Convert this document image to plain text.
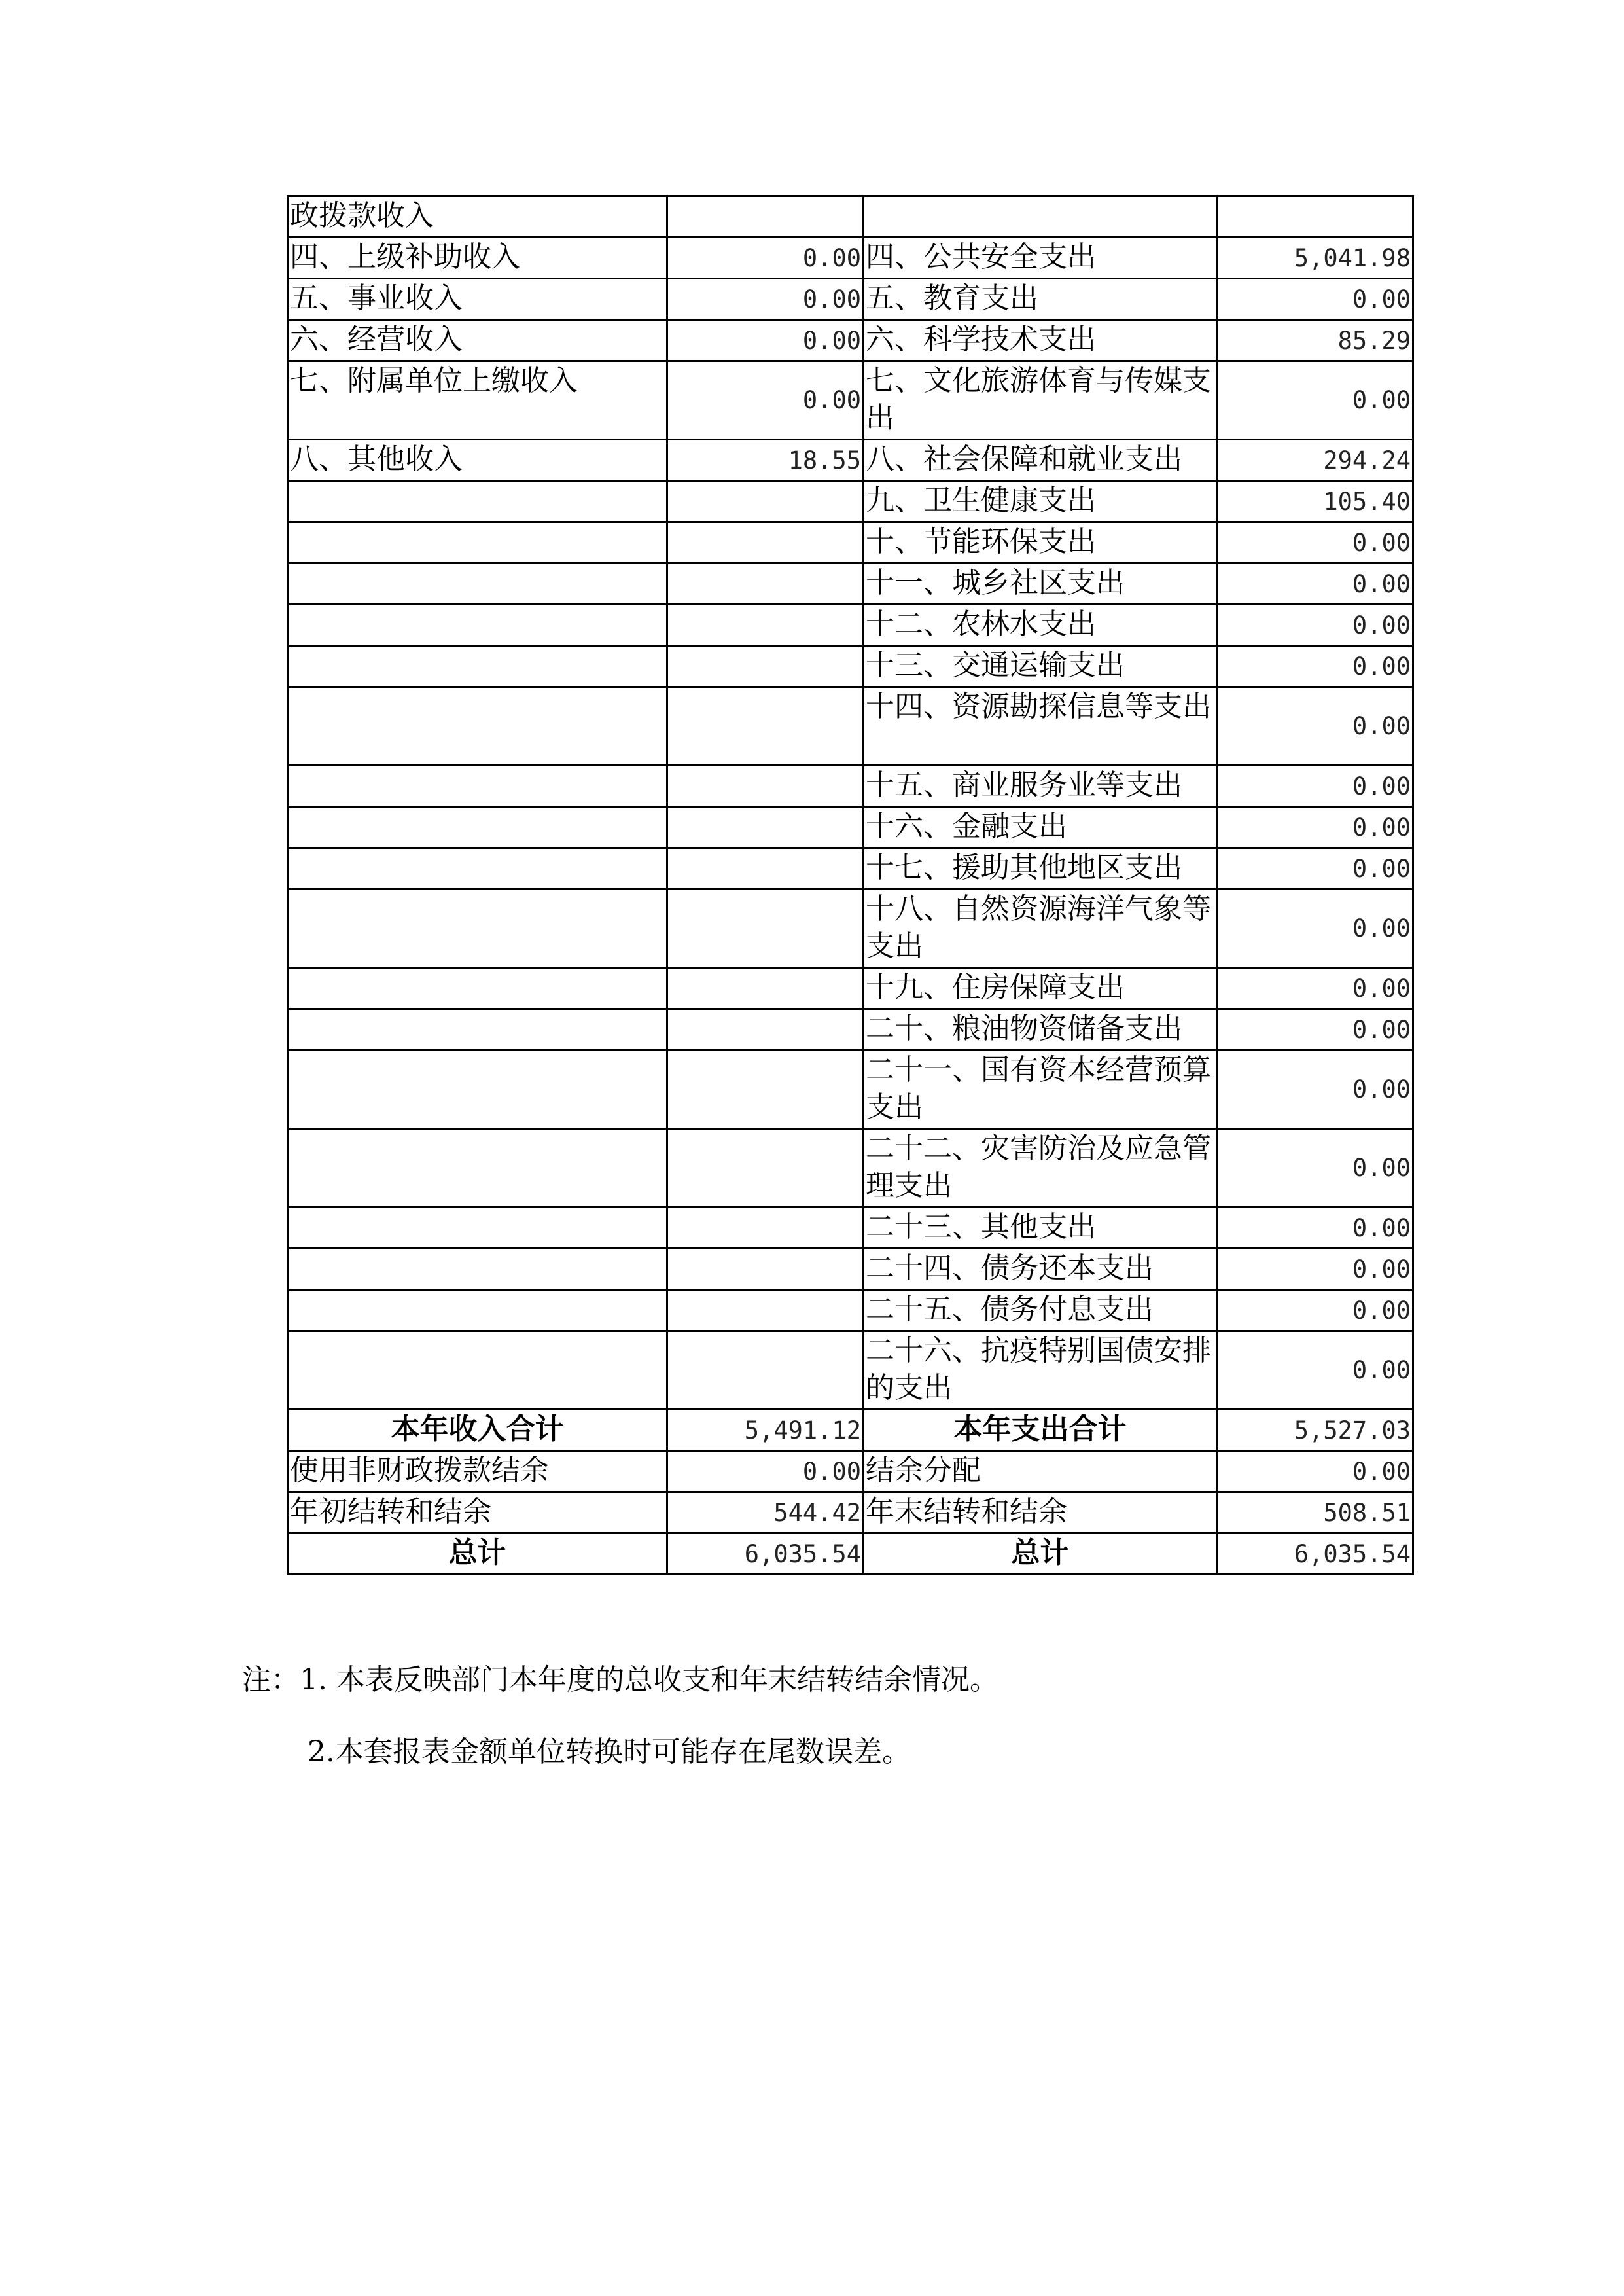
政拨款收入			
四、上级补助收入	0.00	四、公共安全支出	5,041.98
五、事业收入	0.00	五、教育支出	0.00
六、经营收入	0.00	六、科学技术支出	85.29
七、附属单位上缴收入	0.00	七、文化旅游体育与传媒支出	0.00
八、其他收入	18.55	八、社会保障和就业支出	294.24
		九、卫生健康支出	105.40
		十、节能环保支出	0.00
		十一、城乡社区支出	0.00
		十二、农林水支出	0.00
		十三、交通运输支出	0.00
		十四、资源勘探信息等支出	0.00
		十五、商业服务业等支出	0.00
		十六、金融支出	0.00
		十七、援助其他地区支出	0.00
		十八、自然资源海洋气象等支出	0.00
		十九、住房保障支出	0.00
		二十、粮油物资储备支出	0.00
		二十一、国有资本经营预算支出	0.00
		二十二、灾害防治及应急管理支出	0.00
		二十三、其他支出	0.00
		二十四、债务还本支出	0.00
		二十五、债务付息支出	0.00
		二十六、抗疫特别国债安排的支出	0.00
本年收入合计	5,491.12	本年支出合计	5,527.03
使用非财政拨款结余	0.00	结余分配	0.00
年初结转和结余	544.42	年末结转和结余	508.51
总计	6,035.54	总计	6,035.54
注：1. 本表反映部门本年度的总收支和年末结转结余情况。
2.本套报表金额单位转换时可能存在尾数误差。
